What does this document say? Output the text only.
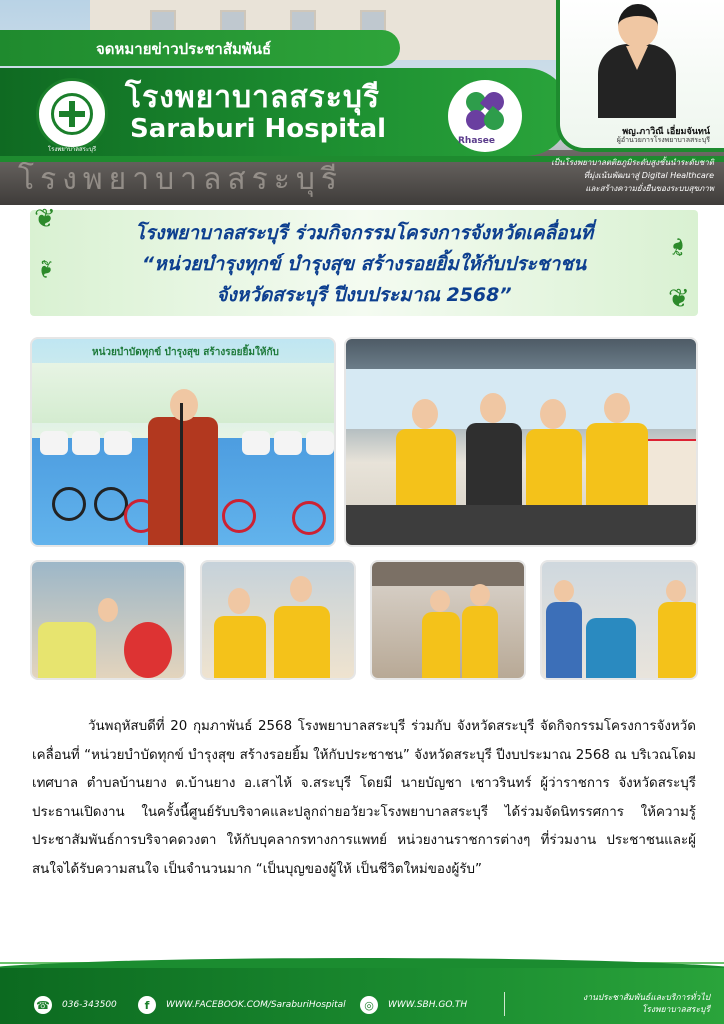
โรงพยาบาลสระบุรี
จดหมายข่าวประชาสัมพันธ์
โรงพยาบาลสระบุรี
โรงพยาบาลสระบุรี
Saraburi Hospital	Rhasee
พญ.ภาวิณี เอี่ยมจันทน์
ผู้อำนวยการโรงพยาบาลสระบุรี
เป็นโรงพยาบาลตติยภูมิระดับสูงชั้นนำระดับชาติ
ที่มุ่งเน้นพัฒนาสู่ Digital Healthcare
และสร้างความยั่งยืนของระบบสุขภาพ
❦
❧
❧
❦
โรงพยาบาลสระบุรี ร่วมกิจกรรมโครงการจังหวัดเคลื่อนที่
“หน่วยบำรุงทุกข์ บำรุงสุข สร้างรอยยิ้มให้กับประชาชน
จังหวัดสระบุรี ปีงบประมาณ 2568”
หน่วยบำบัดทุกข์ บำรุงสุข สร้างรอยยิ้มให้กับ
วันพฤหัสบดีที่ 20 กุมภาพันธ์ 2568 โรงพยาบาลสระบุรี ร่วมกับ จังหวัดสระบุรี จัดกิจกรรมโครงการจังหวัดเคลื่อนที่ “หน่วยบำบัดทุกข์ บำรุงสุข สร้างรอยยิ้ม ให้กับประชาชน” จังหวัดสระบุรี ปีงบประมาณ 2568 ณ บริเวณโดมเทศบาล ตำบลบ้านยาง ต.บ้านยาง อ.เสาไห้ จ.สระบุรี โดยมี นายบัญชา เชาวรินทร์ ผู้ว่าราชการ จังหวัดสระบุรี ประธานเปิดงาน ในครั้งนี้ศูนย์รับบริจาคและปลูกถ่ายอวัยวะโรงพยาบาลสระบุรี ได้ร่วมจัดนิทรรศการ ให้ความรู้ประชาสัมพันธ์การบริจาคดวงตา ให้กับบุคลากรทางการแพทย์ หน่วยงานราชการต่างๆ ที่ร่วมงาน ประชาชนและผู้สนใจได้รับความสนใจ เป็นจำนวนมาก “เป็นบุญของผู้ให้ เป็นชีวิตใหม่ของผู้รับ”
☎ 036-343500	f	WWW.FACEBOOK.COM/SaraburiHospital	◎	WWW.SBH.GO.TH
งานประชาสัมพันธ์และบริการทั่วไป
โรงพยาบาลสระบุรี
